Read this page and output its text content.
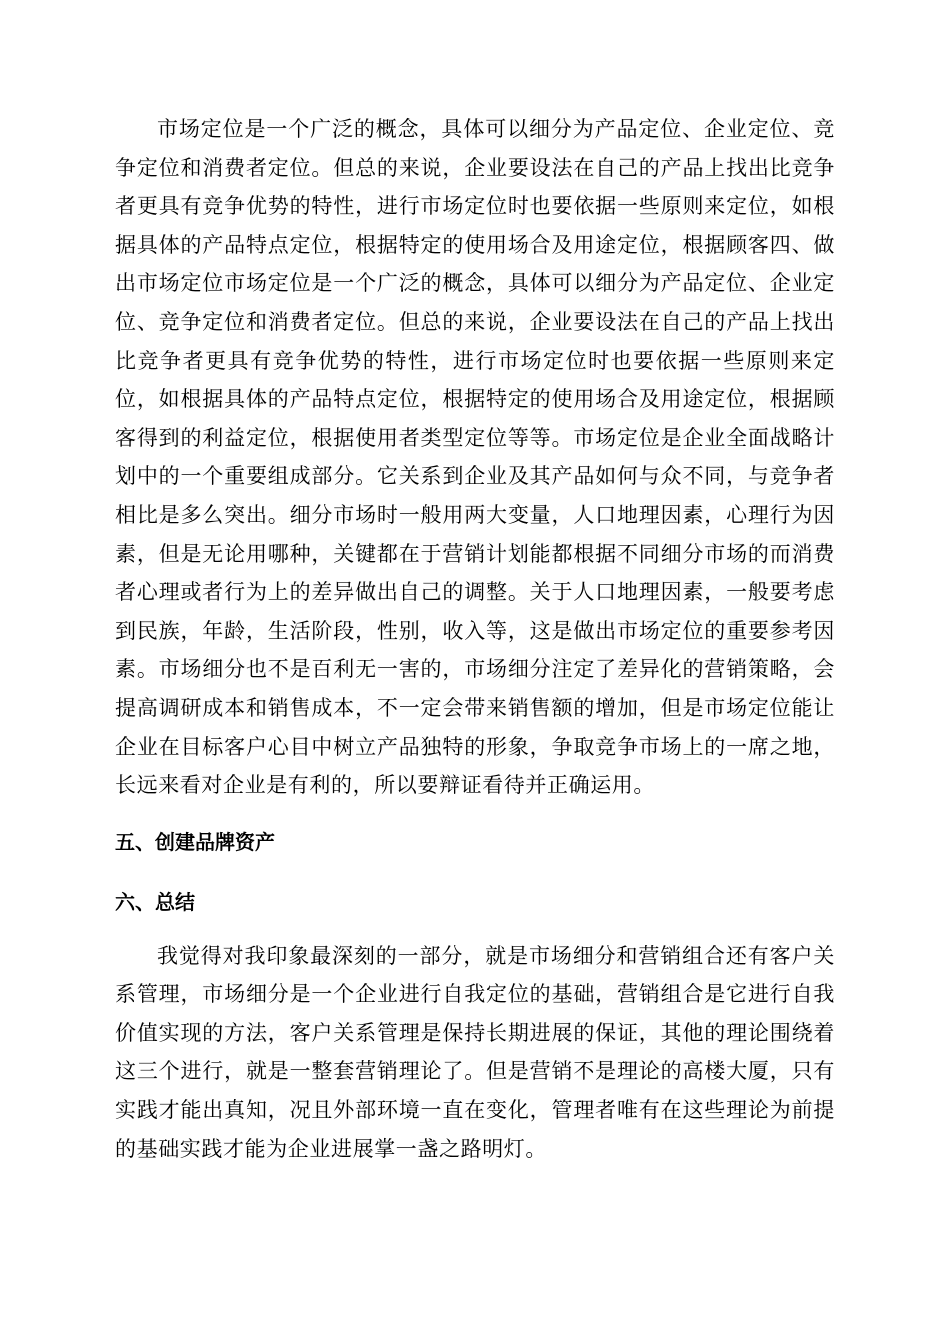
市场定位是一个广泛的概念，具体可以细分为产品定位、企业定位、竞争定位和消费者定位。但总的来说，企业要设法在自己的产品上找出比竞争者更具有竞争优势的特性，进行市场定位时也要依据一些原则来定位，如根据具体的产品特点定位，根据特定的使用场合及用途定位，根据顾客四、做出市场定位市场定位是一个广泛的概念，具体可以细分为产品定位、企业定位、竞争定位和消费者定位。但总的来说，企业要设法在自己的产品上找出比竞争者更具有竞争优势的特性，进行市场定位时也要依据一些原则来定位，如根据具体的产品特点定位，根据特定的使用场合及用途定位，根据顾客得到的利益定位，根据使用者类型定位等等。市场定位是企业全面战略计划中的一个重要组成部分。它关系到企业及其产品如何与众不同，与竞争者相比是多么突出。细分市场时一般用两大变量，人口地理因素，心理行为因素，但是无论用哪种，关键都在于营销计划能都根据不同细分市场的而消费者心理或者行为上的差异做出自己的调整。关于人口地理因素，一般要考虑到民族，年龄，生活阶段，性别，收入等，这是做出市场定位的重要参考因素。市场细分也不是百利无一害的，市场细分注定了差异化的营销策略，会提高调研成本和销售成本，不一定会带来销售额的增加，但是市场定位能让企业在目标客户心目中树立产品独特的形象，争取竞争市场上的一席之地，长远来看对企业是有利的，所以要辩证看待并正确运用。

五、创建品牌资产
六、总结

我觉得对我印象最深刻的一部分，就是市场细分和营销组合还有客户关系管理，市场细分是一个企业进行自我定位的基础，营销组合是它进行自我价值实现的方法，客户关系管理是保持长期进展的保证，其他的理论围绕着这三个进行，就是一整套营销理论了。但是营销不是理论的高楼大厦，只有实践才能出真知，况且外部环境一直在变化，管理者唯有在这些理论为前提的基础实践才能为企业进展掌一盏之路明灯。
